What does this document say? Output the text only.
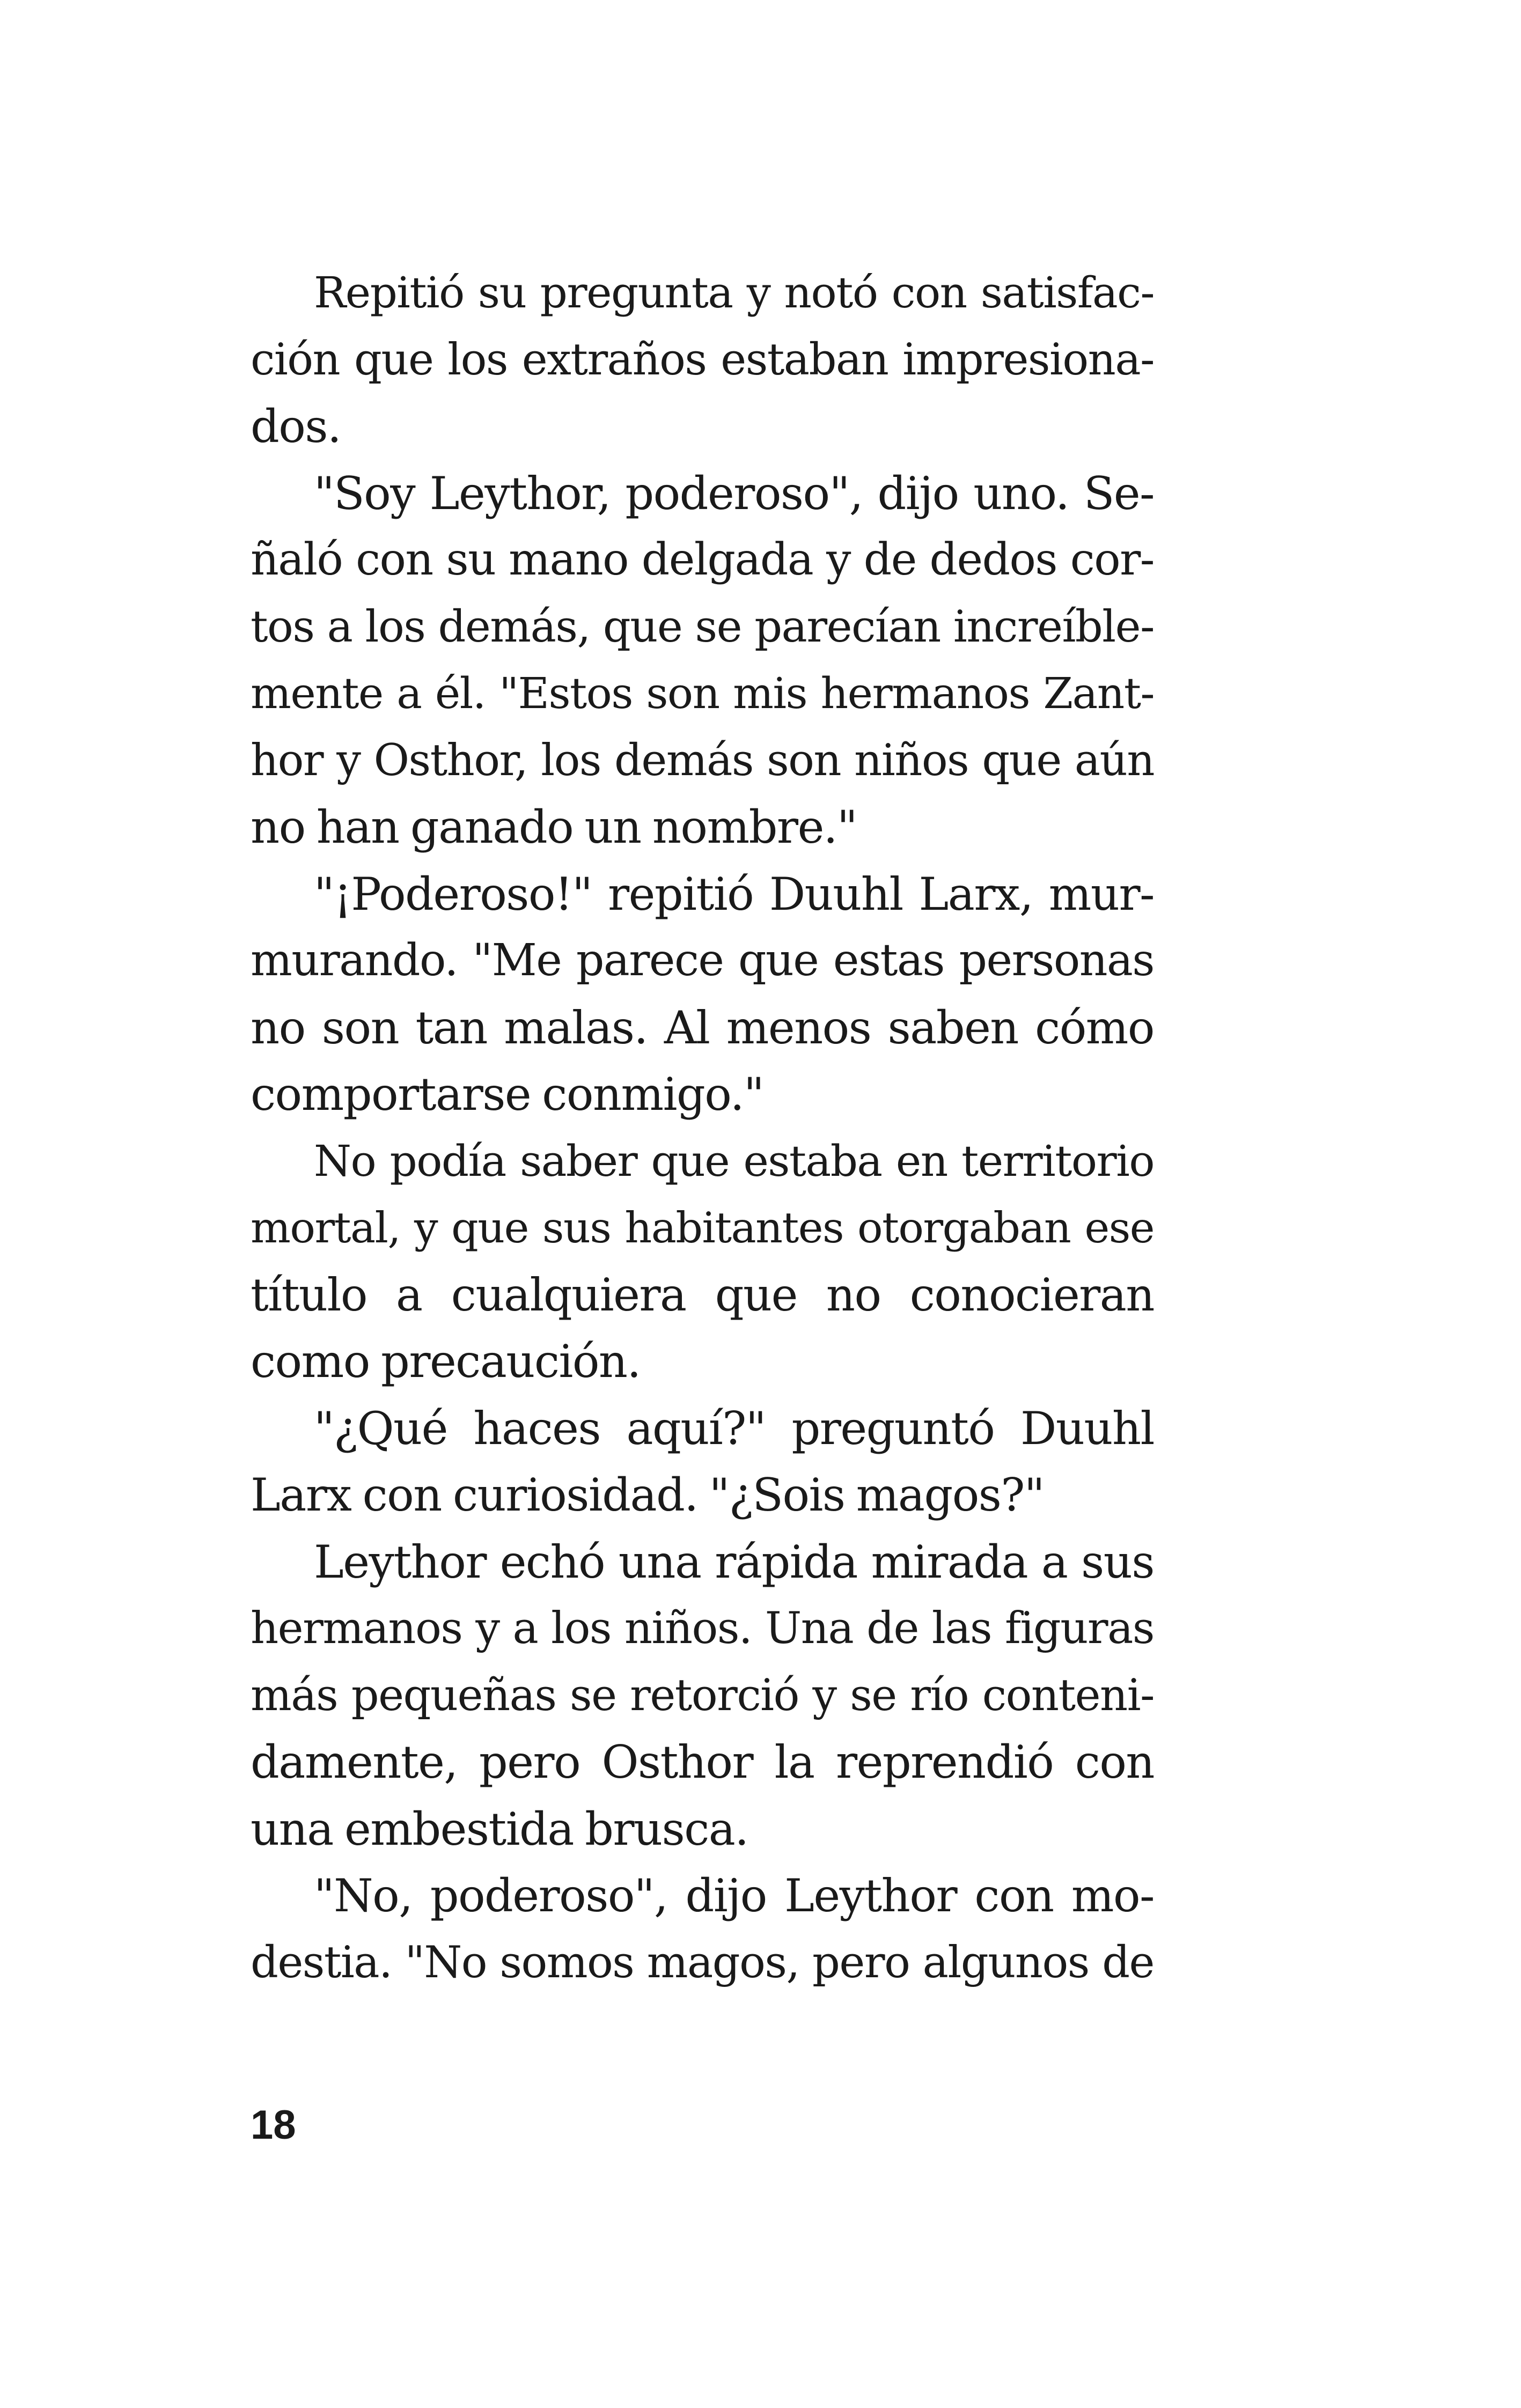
Repitió su pregunta y notó con satisfac-
ción que los extraños estaban impresiona-
dos.
"Soy Leythor, poderoso", dijo uno. Se-
ñaló con su mano delgada y de dedos cor-
tos a los demás, que se parecían increíble-
mente a él. "Estos son mis hermanos Zant-
hor y Osthor, los demás son niños que aún
no han ganado un nombre."
"¡Poderoso!" repitió Duuhl Larx, mur-
murando. "Me parece que estas personas
no son tan malas. Al menos saben cómo
comportarse conmigo."
No podía saber que estaba en territorio
mortal, y que sus habitantes otorgaban ese
título a cualquiera que no conocieran
como precaución.
"¿Qué haces aquí?" preguntó Duuhl
Larx con curiosidad. "¿Sois magos?"
Leythor echó una rápida mirada a sus
hermanos y a los niños. Una de las figuras
más pequeñas se retorció y se río conteni-
damente, pero Osthor la reprendió con
una embestida brusca.
"No, poderoso", dijo Leythor con mo-
destia. "No somos magos, pero algunos de
18
